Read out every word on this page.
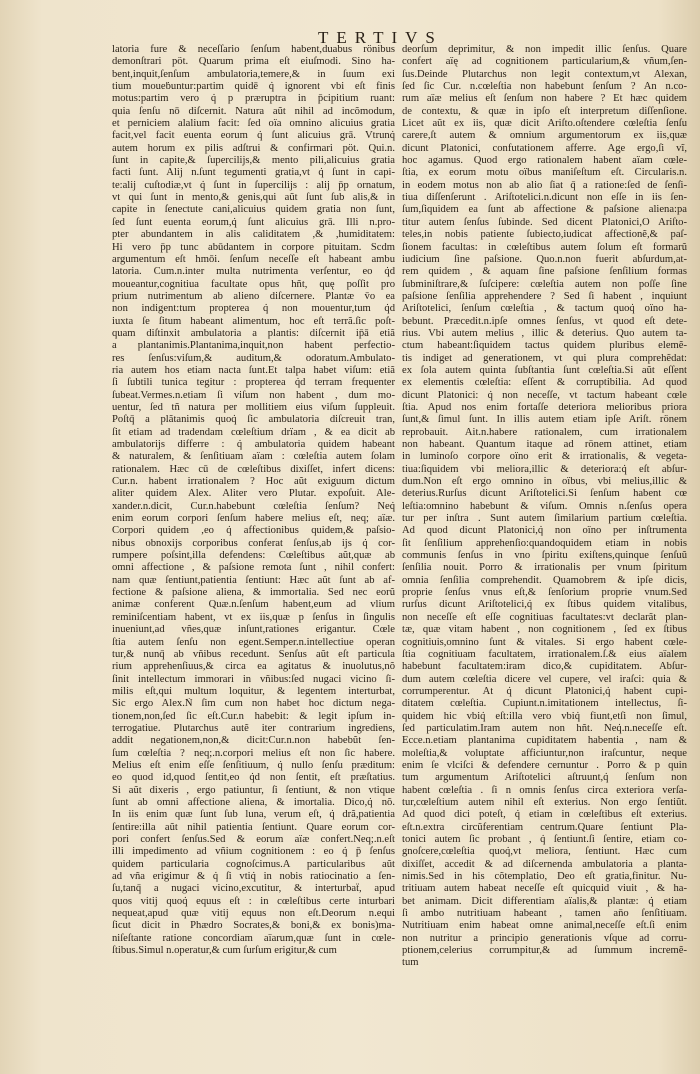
TERTIVS
latoria fure & neceſſario ſenſum habent,duabus rönibus
demonſtrari pöt. Quarum prima eſt eiuſmodi. Sino ha-
bent,inquit,ſenſum ambulatoria,temere,& in ſuum exi
tium moueḃuntur:partim quidē q̇ ignorent vbi eſt finis
motus:partim vero q̇ p præruptra in p̄cipitium ruant:
quia ſenſu nō diſcernit. Natura aũt nihil ad incõmodum,
et perniciem alalium facit: ſed oïa omnino alicuius gratia
facit,vel facit euenta eorum q̇ ſunt alicuius grā. Vtrunq̇
autem horum ex pilis adſtrui & confirmari pöt. Qui.n.
ſunt in capite,& ſupercilijs,& mento pili,alicuius gratia
facti ſunt. Alij n.ſunt tegumenti gratia,vt q̇ ſunt in capi-
te:alij cuſtodiæ,vt q̇ ſunt in ſupercilijs : alij p̄p ornatum,
vt qui ſunt in mento,& genis,qui aũt ſunt ſub alis,& in
capite in ſenectute cani,alicuius quidem gratia non ſunt,
ſed ſunt euenta eorum,q̇ ſunt alicuius grā. Illi n.pro-
pter abundantem in alis caliditatem ,& ,humiditatem:
Hi vero p̄p tunc abūdantem in corpore pituitam. Scdm
argumentum eſt hmōi. ſenſum neceſſe eſt habeant ambu
latoria. Cum.n.inter multa nutrimenta verſentur, eo q̇d
moueantur,cognitiua facultate opus hñt, quę poſſit pro
prium nutrimentum ab alieno diſcernere. Plantæ v̄o ea
non indigent:tum propterea q̇ non mouentur,tum q̇d
iuxta ſe ſitum habeant alimentum, hoc eſt terrã.ſic poſt-
quam diſtinxit ambulatoria a plantis: diſcernit ip̄ā etiã
a plantanimis.Plantanima,inquit,non habent perfectio-
res ſenſus:viſum,& auditum,& odoratum.Ambulato-
ria autem hos etiam nacta ſunt.Et talpa habet viſum: etiã
ſi ſubtili tunica tegitur : propterea q̇d terram frequenter
ſubeat.Vermes.n.etiam ſi viſum non habent , dum mo-
uentur, ſed tñ natura per mollitiem eius viſum ſuppleuit.
Poſtq̄ a plãtanimis quoq̇ ſic ambulatoria diſcreuit tran,
ſit etiam ad tradendam cœleſtium drïam , & ea dicit ab
ambulatorijs differre : q̇ ambulatoria quidem habeant
& naturalem, & ſenſitiuam aïam : cœleſtia autem ſolam
rationalem. Hæc cū de cœleſtibus dixiſſet, infert dicens:
Cur.n. habent irrationalem ? Hoc aũt exiguum dictum
aliter quidem Alex. Aliter vero Plutar. expoſuit. Ale-
xander.n.dicit, Cur.n.habebunt cœleſtia ſenſum? Neq̇
enim eorum corpori ſenſum habere melius eſt, neq; aïæ.
Corpori quidem ,eo q̇ affectionibus quidem,& paſsio-
nibus obnoxijs corporibus conferat ſenſus,ab ijs q̇ cor-
rumpere poſsint,illa defendens: Cœleſtibus aũt,quæ ab
omni affectione , & paſsione remota ſunt , nihil confert:
nam quæ ſentiunt,patientia ſentiunt: Hæc aũt ſunt ab af-
fectione & paſsione aliena, & immortalia. Sed nec eorũ
animæ conferent Quæ.n.ſenſum habent,eum ad vlium
reminiſcentiam habent, vt ex iis,quæ p ſenſus in ſingulis
inueniunt,ad vñes,quæ inſunt,rationes erigantur. Cœle
ſtia autem ſenſu non egent.Semper.n.intellectiue operan
tur,& nunq̄ ab vñibus recedunt. Senſus aũt eſt particula
rium apprehenſiuus,& circa ea agitatus & inuolutus,nõ
ſinit intellectum immorari in vñibus:ſed nugaci vicino ſi-
milis eſt,qui multum loquitur, & legentem interturbat,
Sic ergo Alex.Ñ ſim cum non habet hoc dictum nega-
tionem,non,ſed ſic eſt.Cur.n habebit: & legit ipſum in-
terrogatiue. Plutarchus autẽ iter contrarium ingrediens,
addit negationem,non,& dicit:Cur.n.non habebũt ſen-
ſum cœleſtia ? neq;.n.corpori melius eſt non ſic habere.
Melius eſt enim eſſe ſenſitiuum, q̇ nullo ſenſu præditum:
eo quod id,quod ſentit,eo q̇d non ſentit, eſt præſtatius.
Si aũt dixeris , ergo patiuntur, ſi ſentiunt, & non vtique
ſunt ab omni affectione aliena, & imortalia. Dico,q̇ nõ.
In iis enim quæ ſunt ſub luna, verum eſt, q̇ drã,patientia
ſentire:illa aũt nihil patientia ſentiunt. Quare eorum cor-
pori confert ſenſus.Sed & eorum aïæ confert.Neq;.n.eſt
illi impedimento ad vñium cognitionem : eo q̇ p̄ ſenſus
quidem particularia cognoſcimus.A particularibus aũt
ad vña erigimur & q̇ ſi vtiq̇ in nobis ratiocinatio a ſen-
ſu,tanq̄ a nugaci vicino,excutitur, & interturbaẗ, apud
quos vitij quoq̇ equus eſt : in cœleſtibus certe inturbari
nequeat,apud quæ vitij equus non eſt.Deorum n.equi
ſicut dicit in Phædro Socrates,& boni,& ex bonis)ma-
niſeſtante ratione concordiam aïarum,quæ ſunt in cœle-
ſtibus.Simul n.operatur,& cum ſurſum erigitur,& cum
deorſum deprimitur, & non impedit illic ſenſus. Quare
confert aïę ad cognitionem particularium,& vñum,ſen-
ſus.Deinde Plutarchus non legit contextum,vt Alexan,
ſed ſic Cur. n.cœleſtia non habebunt ſenſum ? An n.co-
rum aïæ melius eſt ſenſum non habere ? Et hæc quidem
de contextu, & quæ in ipſo eſt interpretum diſſenſione.
Licet aũt ex iis, quæ dicit Ariſto.oſtendere cœleſtia ſenſu
carere,ſt autem & omnium argumentorum ex iis,quæ
dicunt Platonici, confutationem afferre. Age ergo,ſi vĩ,
hoc agamus. Quod ergo rationalem habent aïam cœle-
ſtia, ex eorum motu oïbus maniſeſtum eſt. Circularis.n.
in eodem motus non ab alio ſiat q̄ a ratione:ſed de ſenſi-
tiua diſſenſerunt . Ariſtotelici.n.dicunt non eſſe in iis ſen-
ſum,ſiquidem ea ſunt ab affectione & paſsione aliena:pa
titur autem ſenſus ſubinde. Sed dicent Platonici,O Ariſto-
teles,in nobis patiente ſubiecto,iudicat affectionẽ,& paſ-
ſionem facultas: in cœleſtibus autem ſolum eſt formarũ
iudicium ſine paſsione. Quo.n.non fuerit abſurdum,at-
rem quidem , & aquam ſine paſsione ſenſilium formas
ſubminiſtrare,& ſuſcipere: cœleſtia autem non poſſe ſine
paſsione ſenſilia apprehendere ? Sed ſi habent , inquiunt
Ariſtotelici, ſenſum cœleſtia , & tactum quoq̇ oïno ha-
bebunt. Præcedit.n.ipſe omnes ſenſus, vt quod eſt dete-
rius. Vbi autem melius , illic & deterius. Quo autem ta-
ctum habeant:ſiquidem tactus quidem pluribus elemẽ-
tis indiget ad generationem, vt qui plura comprehẽdat:
ex ſola autem quinta ſubſtantia ſunt cœleſtia.Si aũt eſſent
ex elementis cœleſtia: eſſent & corruptibilia. Ad quod
dicunt Platonici: q̇ non neceſſe, vt tactum habeant cœle
ſtia. Apud nos enim fortaſſe deteriora melioribus priora
ſunt,& ſimul ſunt. In illis autem etiam ipſe Ariſt. rönem
reprobauit. Ait.n.habere rationalem, cum irrationalem
non habeant. Quantum itaque ad rönem attinet, etiam
in luminoſo corpore oïno erit & irrationalis, & vegeta-
tiua:ſiquidem vbi meliora,illic & deteriora:q̇ eſt abſur-
dum.Non eſt ergo omnino in oïbus, vbi melius,illic &
deterius.Rurſus dicunt Ariſtotelici.Si ſenſum habent cœ
leſtia:omnino habebunt & viſum. Omnis n.ſenſus opera
tur per inſtra . Sunt autem ſimilarium partium cœleſtia.
Ad quod dicunt Platonici,q̇ non oïno per inſtrumenta
ſit ſenſilium apprehenſio:quandoquidem etiam in nobis
communis ſenſus in vno ſpiritu exiſtens,quinque ſenſuũ
ſenſilia nouit. Porro & irrationalis per vnum ſpiritum
omnia ſenſilia comprehendit. Quamobrem & ipſe dicis,
proprie ſenſus vnus eſt,& ſenſorium proprie vnum.Sed
rurſus dicunt Ariſtotelici,q̇ ex ſtibus quidem vitalibus,
non neceſſe eſt eſſe cognitiuas facultates:vt declarãt plan-
tæ, quæ vitam habent , non cognitionem , ſed ex ſtibus
cognitiuis,omnino ſunt & vitales. Si ergo habent cœle-
ſtia cognitiuam facultatem, irrationalem.ſ.& eius aïalem
habebunt facultatem:iram dico,& cupiditatem. Abſur-
dum autem cœleſtia dicere vel cupere, vel iraſci: quia &
corrumperentur. At q̇ dicunt Platonici,q̇ habent cupi-
ditatem cœleſtia. Cupiunt.n.imitationem intellectus, ſi-
quidem hic vbiq̇ eſt:illa vero vbiq̇ fiunt,etſi non ſimul,
ſed particulatim.Iram autem non hñt. Neq̇.n.neceſſe eſt.
Ecce.n.etiam plantanima cupiditatem habentia , nam &
moleſtia,& voluptate afficiuntur,non iraſcuntur, neque
enim ſe vlciſci & defendere cernuntur . Porro & p quin
tum argumentum Ariſtotelici aſtruunt,q̇ ſenſum non
habent cœleſtia . ſi n omnis ſenſus circa exteriora verſa-
tur,cœleſtium autem nihil eſt exterius. Non ergo ſentiũt.
Ad quod dici poteſt, q̇ etiam in cœleſtibus eſt exterius.
eſt.n.extra circũferentiam centrum.Quare ſentiunt Pla-
tonici autem ſic probant , q̇ ſentiunt.ſi ſentire, etiam co-
gnoſcere,cœleſtia quoq̇,vt meliora, ſentiunt. Hæc cum
dixiſſet, accedit & ad diſcernenda ambulatoria a planta-
nimis.Sed in his cõtemplatio, Deo eſt gratia,finitur. Nu-
tritiuam autem habeat neceſſe eſt quicquid viuit , & ha-
bet animam. Dicit differentiam aïalis,& plantæ: q̇ etiam
ſi ambo nutritiuam habeant , tamen an̄o ſenſitiuam.
Nutritiuam enim habeat omne animal,neceſſe eſt.ſi enim
non nutritur a principio generationis vſque ad corru-
ptionem,celerius corrumpitur,& ad ſummum incremẽ-
tum
